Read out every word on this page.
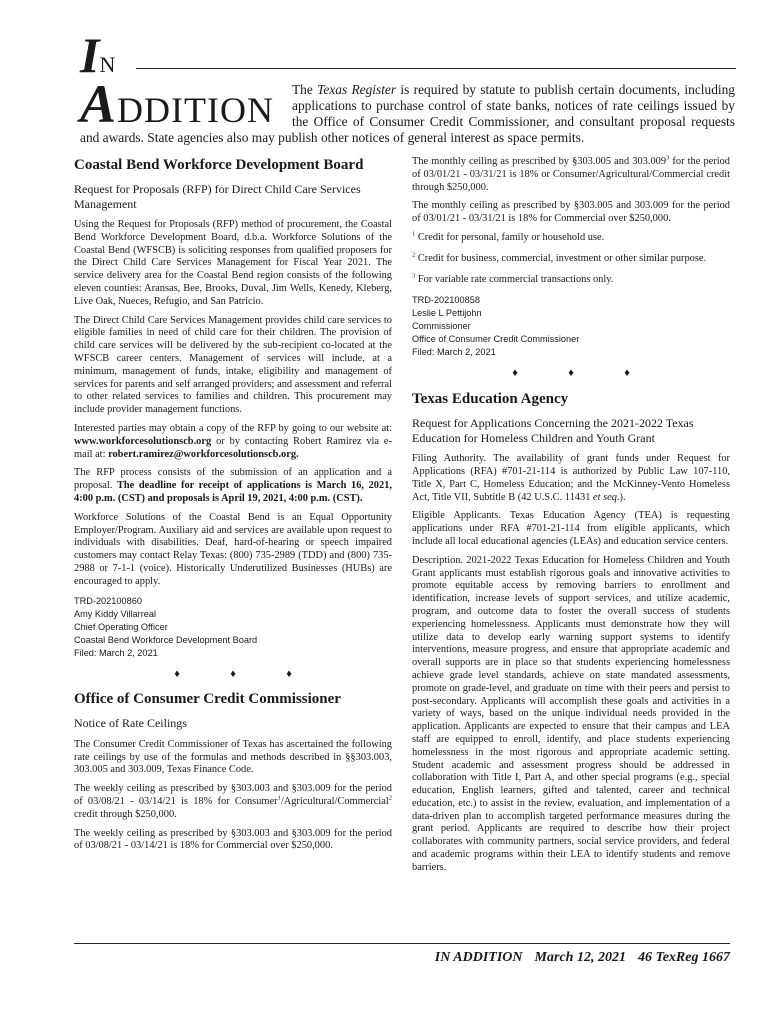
IN
ADDITION
The Texas Register is required by statute to publish certain documents, including applications to purchase control of state banks, notices of rate ceilings issued by the Office of Consumer Credit Commissioner, and consultant proposal requests and awards. State agencies also may publish other notices of general interest as space permits.
Coastal Bend Workforce Development Board
Request for Proposals (RFP) for Direct Child Care Services Management

Using the Request for Proposals (RFP) method of procurement, the Coastal Bend Workforce Development Board, d.b.a. Workforce Solutions of the Coastal Bend (WFSCB) is soliciting responses from qualified proposers for the Direct Child Care Services Management for Fiscal Year 2021. The service delivery area for the Coastal Bend region consists of the following eleven counties: Aransas, Bee, Brooks, Duval, Jim Wells, Kenedy, Kleberg, Live Oak, Nueces, Refugio, and San Patricio.

The Direct Child Care Services Management provides child care services to eligible families in need of child care for their children. The provision of child care services will be delivered by the sub-recipient co-located at the WFSCB career centers. Management of services will include, at a minimum, management of funds, intake, eligibility and management of services for parents and self arranged providers; and assessment and referral to other related services to families and children. This procurement may include provider management functions.

Interested parties may obtain a copy of the RFP by going to our website at: www.workforcesolutionscb.org or by contacting Robert Ramirez via e-mail at: robert.ramirez@workforcesolutionscb.org.

The RFP process consists of the submission of an application and a proposal. The deadline for receipt of applications is March 16, 2021, 4:00 p.m. (CST) and proposals is April 19, 2021, 4:00 p.m. (CST).

Workforce Solutions of the Coastal Bend is an Equal Opportunity Employer/Program. Auxiliary aid and services are available upon request to individuals with disabilities. Deaf, hard-of-hearing or speech impaired customers may contact Relay Texas: (800) 735-2989 (TDD) and (800) 735-2988 or 7-1-1 (voice). Historically Underutilized Businesses (HUBs) are encouraged to apply.

TRD-202100860
Amy Kiddy Villarreal
Chief Operating Officer
Coastal Bend Workforce Development Board
Filed: March 2, 2021
♦	♦	♦
Office of Consumer Credit Commissioner
Notice of Rate Ceilings

The Consumer Credit Commissioner of Texas has ascertained the following rate ceilings by use of the formulas and methods described in §§303.003, 303.005 and 303.009, Texas Finance Code.

The weekly ceiling as prescribed by §303.003 and §303.009 for the period of 03/08/21 - 03/14/21 is 18% for Consumer$^1$/Agricultural/Commercial$^2$ credit through $250,000.

The weekly ceiling as prescribed by §303.003 and §303.009 for the period of 03/08/21 - 03/14/21 is 18% for Commercial over $250,000.

The monthly ceiling as prescribed by §303.005 and 303.009$^3$ for the period of 03/01/21 - 03/31/21 is 18% or Consumer/Agricultural/Commercial credit through $250,000.

The monthly ceiling as prescribed by §303.005 and 303.009 for the period of 03/01/21 - 03/31/21 is 18% for Commercial over $250,000.

$^1$ Credit for personal, family or household use.
$^2$ Credit for business, commercial, investment or other similar purpose.
$^3$ For variable rate commercial transactions only.
TRD-202100858
Leslie L Pettijohn
Commissioner
Office of Consumer Credit Commissioner
Filed: March 2, 2021
♦	♦	♦
Texas Education Agency
Request for Applications Concerning the 2021-2022 Texas Education for Homeless Children and Youth Grant

Filing Authority. The availability of grant funds under Request for Applications (RFA) #701-21-114 is authorized by Public Law 107-110, Title X, Part C, Homeless Education; and the McKinney-Vento Homeless Act, Title VII, Subtitle B (42 U.S.C. 11431 et seq.).

Eligible Applicants. Texas Education Agency (TEA) is requesting applications under RFA #701-21-114 from eligible applicants, which include all local educational agencies (LEAs) and education service centers.

Description. 2021-2022 Texas Education for Homeless Children and Youth Grant applicants must establish rigorous goals and innovative activities to promote equitable access by removing barriers to enrollment and identification, increase levels of support services, and utilize academic, program, and outcome data to foster the overall success of students experiencing homelessness. Applicants must demonstrate how they will utilize data to develop early warning support systems to identify interventions, measure progress, and ensure that appropriate academic and overall supports are in place so that students experiencing homelessness achieve grade level standards, achieve on state mandated assessments, promote on grade-level, and graduate on time with their peers and persist to post-secondary. Applicants will accomplish these goals and activities in a variety of ways, based on the unique individual needs provided in the application. Applicants are expected to ensure that their campus and LEA staff are equipped to enroll, identify, and place students experiencing homelessness in the most rigorous and appropriate academic setting. Student academic and assessment progress should be addressed in collaboration with Title I, Part A, and other special programs (e.g., special education, English learners, gifted and talented, career and technical education, etc.) to assist in the review, evaluation, and implementation of a data-driven plan to accomplish targeted performance measures during the grant period. Applicants are required to describe how their project collaborates with community partners, social service providers, and federal and academic programs within their LEA to identify students and remove barriers.

IN ADDITION March 12, 2021 46 TexReg 1667
